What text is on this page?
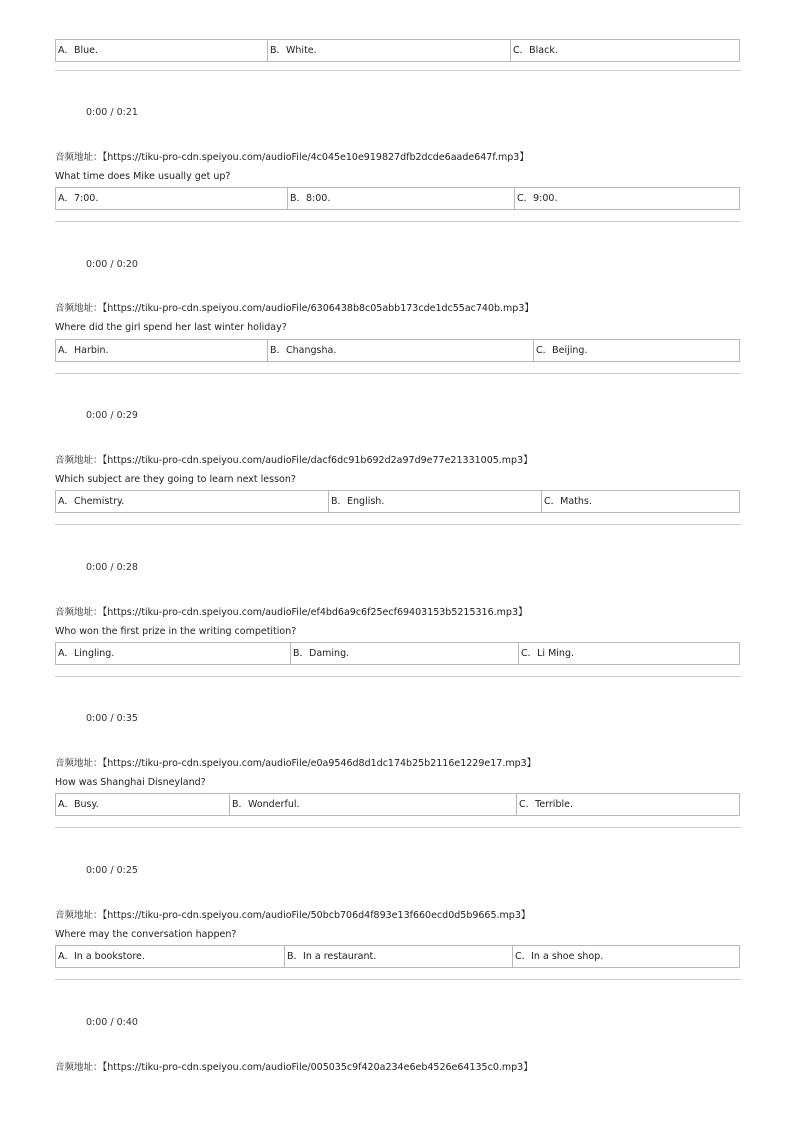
A．Blue.	B．White.	C．Black.
0:00 / 0:21
音频地址：【https://tiku-pro-cdn.speiyou.com/audioFile/4c045e10e919827dfb2dcde6aade647f.mp3】
What time does Mike usually get up?
A．7:00.	B．8:00.	C．9:00.
0:00 / 0:20
音频地址：【https://tiku-pro-cdn.speiyou.com/audioFile/6306438b8c05abb173cde1dc55ac740b.mp3】
Where did the girl spend her last winter holiday?
A．Harbin.	B．Changsha.	C．Beijing.
0:00 / 0:29
音频地址：【https://tiku-pro-cdn.speiyou.com/audioFile/dacf6dc91b692d2a97d9e77e21331005.mp3】
Which subject are they going to learn next lesson?
A．Chemistry.	B．English.	C．Maths.
0:00 / 0:28
音频地址：【https://tiku-pro-cdn.speiyou.com/audioFile/ef4bd6a9c6f25ecf69403153b5215316.mp3】
Who won the first prize in the writing competition?
A．Lingling.	B．Daming.	C．Li Ming.
0:00 / 0:35
音频地址：【https://tiku-pro-cdn.speiyou.com/audioFile/e0a9546d8d1dc174b25b2116e1229e17.mp3】
How was Shanghai Disneyland?
A．Busy.	B．Wonderful.	C．Terrible.
0:00 / 0:25
音频地址：【https://tiku-pro-cdn.speiyou.com/audioFile/50bcb706d4f893e13f660ecd0d5b9665.mp3】
Where may the conversation happen?
A．In a bookstore.	B．In a restaurant.	C．In a shoe shop.
0:00 / 0:40
音频地址：【https://tiku-pro-cdn.speiyou.com/audioFile/005035c9f420a234e6eb4526e64135c0.mp3】
